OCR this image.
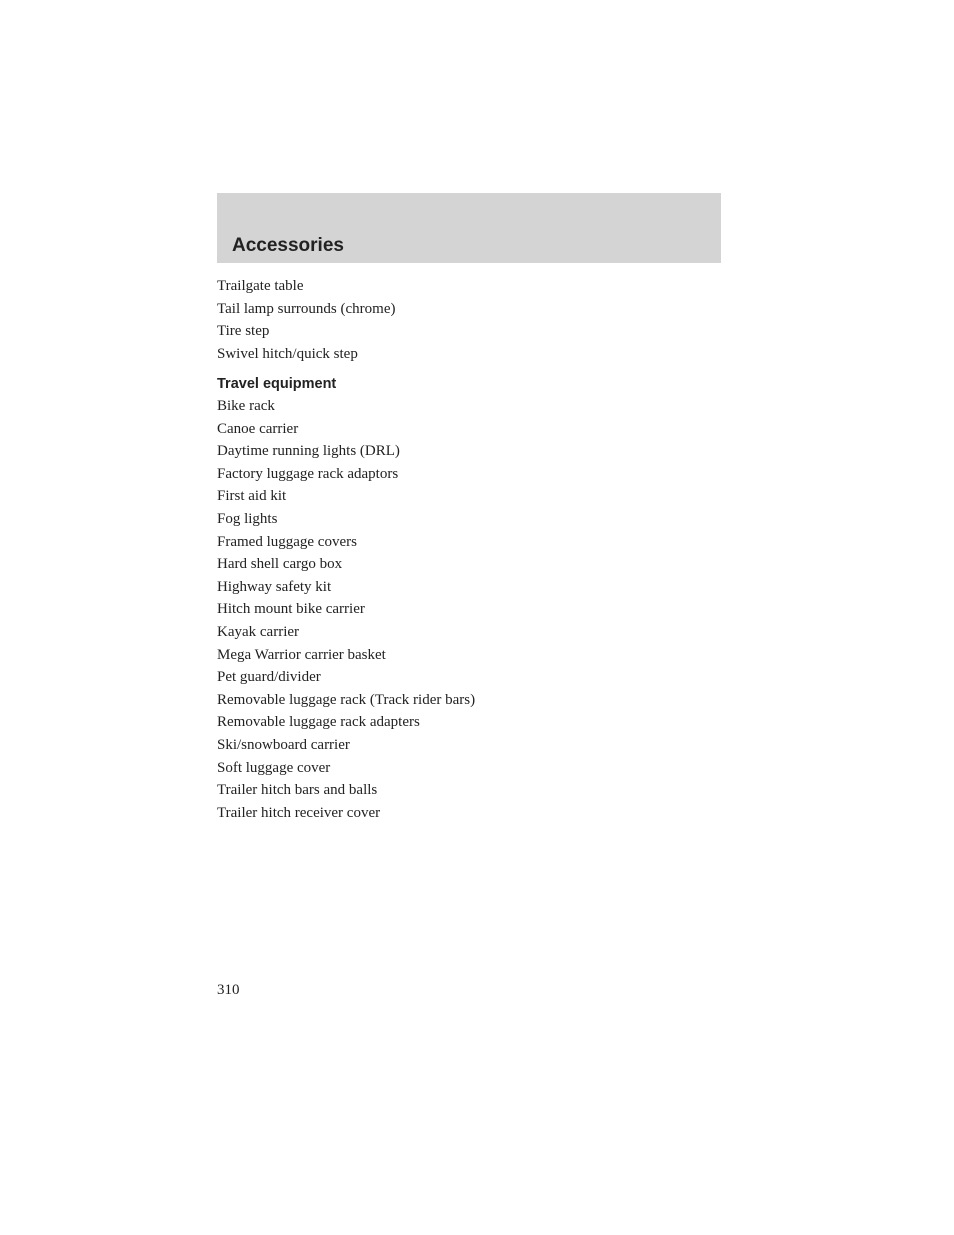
Accessories
Trailgate table
Tail lamp surrounds (chrome)
Tire step
Swivel hitch/quick step
Travel equipment
Bike rack
Canoe carrier
Daytime running lights (DRL)
Factory luggage rack adaptors
First aid kit
Fog lights
Framed luggage covers
Hard shell cargo box
Highway safety kit
Hitch mount bike carrier
Kayak carrier
Mega Warrior carrier basket
Pet guard/divider
Removable luggage rack (Track rider bars)
Removable luggage rack adapters
Ski/snowboard carrier
Soft luggage cover
Trailer hitch bars and balls
Trailer hitch receiver cover
310
